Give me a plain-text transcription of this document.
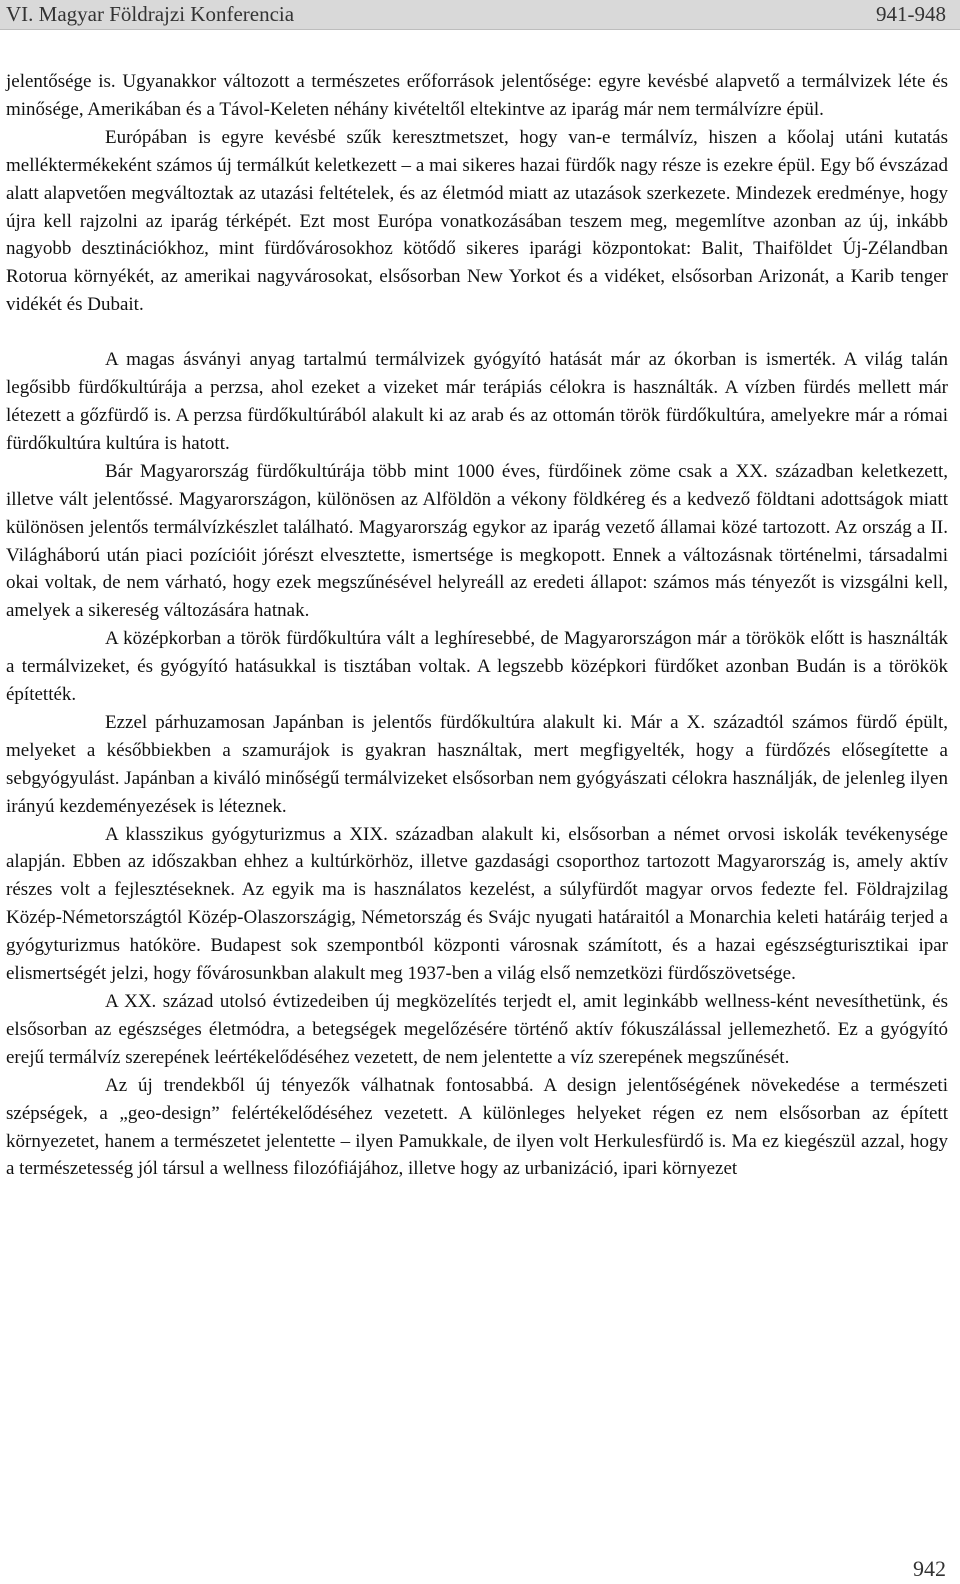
VI. Magyar Földrajzi Konferencia	941-948

jelentősége is. Ugyanakkor változott a természetes erőforrások jelentősége: egyre kevésbé alapvető a termálvizek léte és minősége, Amerikában és a Távol-Keleten néhány kivételtől eltekintve az iparág már nem termálvízre épül.

Európában is egyre kevésbé szűk keresztmetszet, hogy van-e termálvíz, hiszen a kőolaj utáni kutatás melléktermékeként számos új termálkút keletkezett – a mai sikeres hazai fürdők nagy része is ezekre épül. Egy bő évszázad alatt alapvetően megváltoztak az utazási feltételek, és az életmód miatt az utazások szerkezete. Mindezek eredménye, hogy újra kell rajzolni az iparág térképét. Ezt most Európa vonatkozásában teszem meg, megemlítve azonban az új, inkább nagyobb desztinációkhoz, mint fürdővárosokhoz kötődő sikeres iparági központokat: Balit, Thaiföldet Új-Zélandban Rotorua környékét, az amerikai nagyvárosokat, elsősorban New Yorkot és a vidéket, elsősorban Arizonát, a Karib tenger vidékét és Dubait.

A magas ásványi anyag tartalmú termálvizek gyógyító hatását már az ókorban is ismerték. A világ talán legősibb fürdőkultúrája a perzsa, ahol ezeket a vizeket már terápiás célokra is használták. A vízben fürdés mellett már létezett a gőzfürdő is. A perzsa fürdőkultúrából alakult ki az arab és az ottomán török fürdőkultúra, amelyekre már a római fürdőkultúra kultúra is hatott.

Bár Magyarország fürdőkultúrája több mint 1000 éves, fürdőinek zöme csak a XX. században keletkezett, illetve vált jelentőssé. Magyarországon, különösen az Alföldön a vékony földkéreg és a kedvező földtani adottságok miatt különösen jelentős termálvízkészlet található. Magyarország egykor az iparág vezető államai közé tartozott. Az ország a II. Világháború után piaci pozícióit jórészt elvesztette, ismertsége is megkopott. Ennek a változásnak történelmi, társadalmi okai voltak, de nem várható, hogy ezek megszűnésével helyreáll az eredeti állapot: számos más tényezőt is vizsgálni kell, amelyek a sikereség változására hatnak.

A középkorban a török fürdőkultúra vált a leghíresebbé, de Magyarországon már a törökök előtt is használták a termálvizeket, és gyógyító hatásukkal is tisztában voltak. A legszebb középkori fürdőket azonban Budán is a törökök építették.

Ezzel párhuzamosan Japánban is jelentős fürdőkultúra alakult ki. Már a X. századtól számos fürdő épült, melyeket a későbbiekben a szamurájok is gyakran használtak, mert megfigyelték, hogy a fürdőzés elősegítette a sebgyógyulást. Japánban a kiváló minőségű termálvizeket elsősorban nem gyógyászati célokra használják, de jelenleg ilyen irányú kezdeményezések is léteznek.

A klasszikus gyógyturizmus a XIX. században alakult ki, elsősorban a német orvosi iskolák tevékenysége alapján. Ebben az időszakban ehhez a kultúrkörhöz, illetve gazdasági csoporthoz tartozott Magyarország is, amely aktív részes volt a fejlesztéseknek. Az egyik ma is használatos kezelést, a súlyfürdőt magyar orvos fedezte fel. Földrajzilag Közép-Németországtól Közép-Olaszországig, Németország és Svájc nyugati határaitól a Monarchia keleti határáig terjed a gyógyturizmus hatóköre. Budapest sok szempontból központi városnak számított, és a hazai egészségturisztikai ipar elismertségét jelzi, hogy fővárosunkban alakult meg 1937-ben a világ első nemzetközi fürdőszövetsége.

A XX. század utolsó évtizedeiben új megközelítés terjedt el, amit leginkább wellness-ként nevesíthetünk, és elsősorban az egészséges életmódra, a betegségek megelőzésére történő aktív fókuszálással jellemezhető. Ez a gyógyító erejű termálvíz szerepének leértékelődéséhez vezetett, de nem jelentette a víz szerepének megszűnését.

Az új trendekből új tényezők válhatnak fontosabbá. A design jelentőségének növekedése a természeti szépségek, a „geo-design” felértékelődéséhez vezetett. A különleges helyeket régen ez nem elsősorban az épített környezetet, hanem a természetet jelentette – ilyen Pamukkale, de ilyen volt Herkulesfürdő is. Ma ez kiegészül azzal, hogy a természetesség jól társul a wellness filozófiájához, illetve hogy az urbanizáció, ipari környezet

942
